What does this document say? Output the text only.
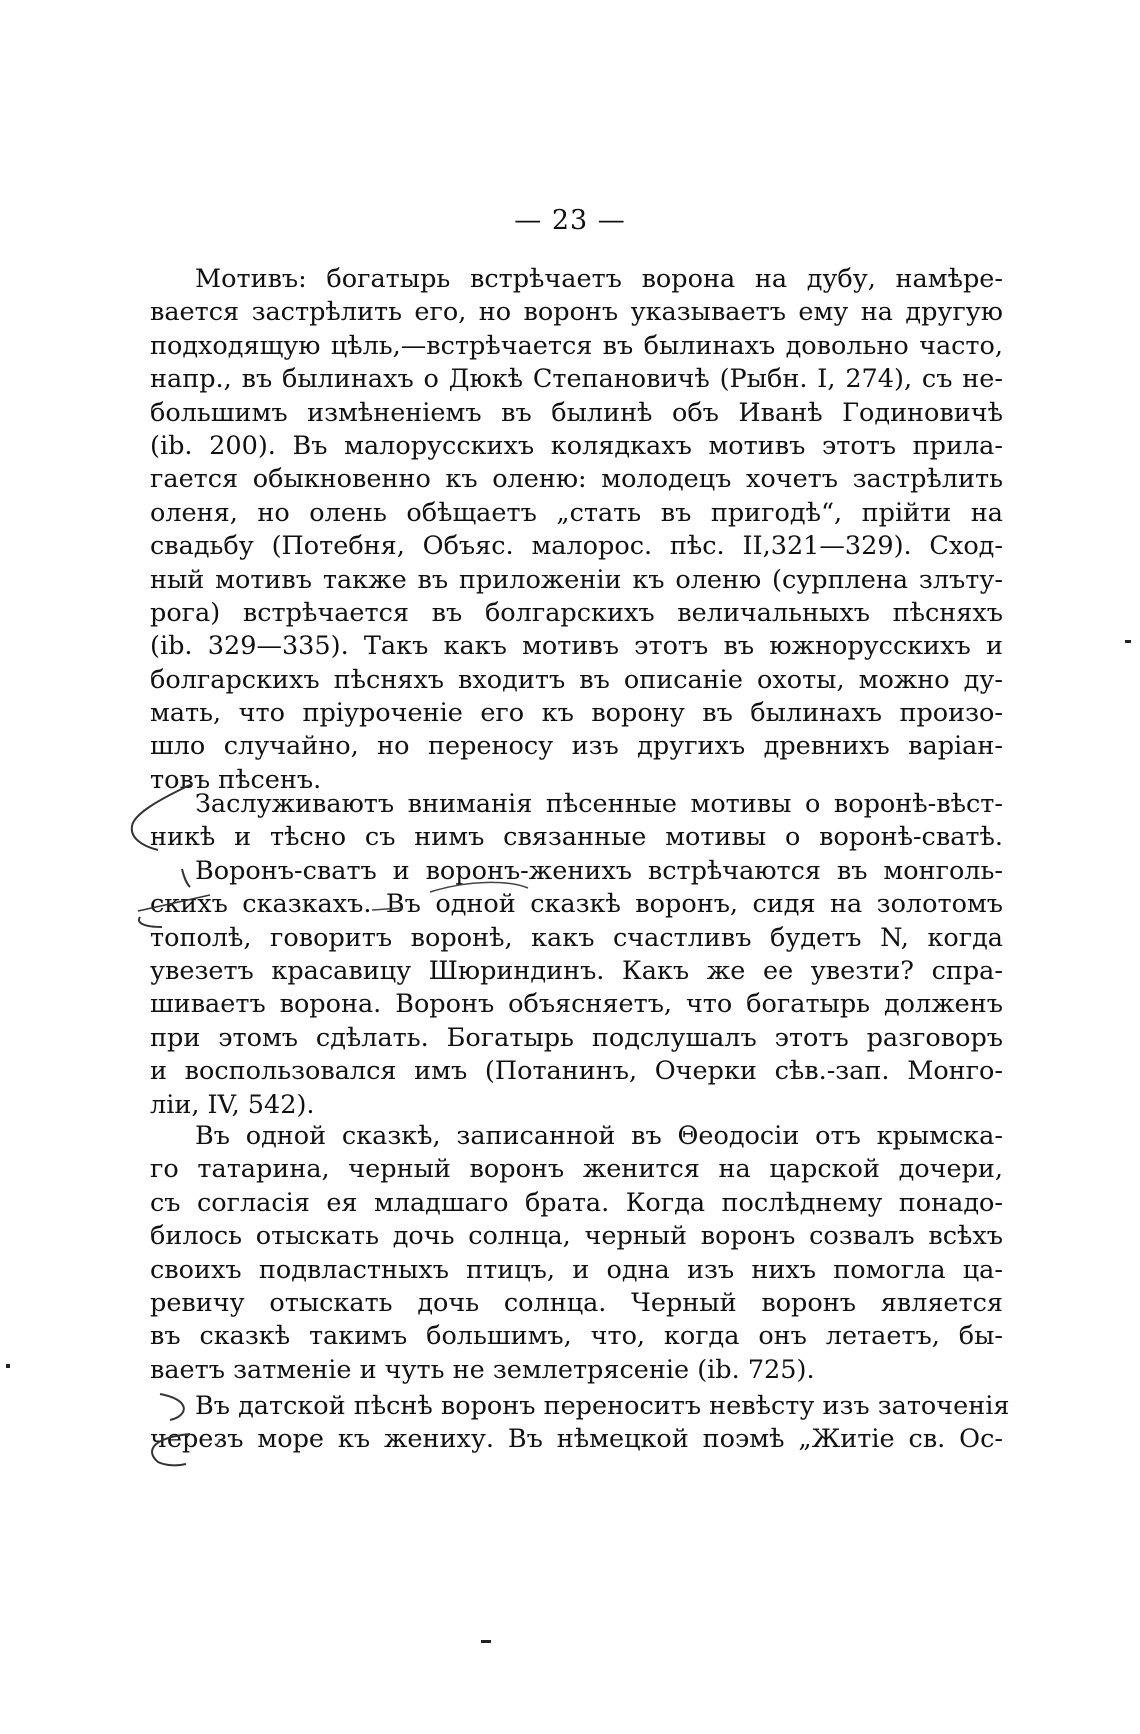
— 23 —
Мотивъ: богатырь встрѣчаетъ ворона на дубу, намѣре-
вается застрѣлить его, но воронъ указываетъ ему на другую
подходящую цѣль,—встрѣчается въ былинахъ довольно часто,
напр., въ былинахъ о Дюкѣ Степановичѣ (Рыбн. I, 274), съ не-
большимъ измѣненіемъ въ былинѣ объ Иванѣ Годиновичѣ
(ib. 200). Въ малорусскихъ колядкахъ мотивъ этотъ прила-
гается обыкновенно къ оленю: молодецъ хочетъ застрѣлить
оленя, но олень обѣщаетъ „стать въ пригодѣ“, прійти на
свадьбу (Потебня, Объяс. малорос. пѣс. II,321—329). Сход-
ный мотивъ также въ приложеніи къ оленю (сурплена злъту-
рога) встрѣчается въ болгарскихъ величальныхъ пѣсняхъ
(ib. 329—335). Такъ какъ мотивъ этотъ въ южнорусскихъ и
болгарскихъ пѣсняхъ входитъ въ описаніе охоты, можно ду-
мать, что пріуроченіе его къ ворону въ былинахъ произо-
шло случайно, но переносу изъ другихъ древнихъ варіан-
товъ пѣсенъ.
Заслуживаютъ вниманія пѣсенные мотивы о воронѣ-вѣст-
никѣ и тѣсно съ нимъ связанные мотивы о воронѣ-сватѣ.
Воронъ-сватъ и воронъ-женихъ встрѣчаются въ монголь-
скихъ сказкахъ. Въ одной сказкѣ воронъ, сидя на золотомъ
тополѣ, говоритъ воронѣ, какъ счастливъ будетъ N, когда
увезетъ красавицу Шюриндинъ. Какъ же ее увезти? спра-
шиваетъ ворона. Воронъ объясняетъ, что богатырь долженъ
при этомъ сдѣлать. Богатырь подслушалъ этотъ разговоръ
и воспользовался имъ (Потанинъ, Очерки сѣв.-зап. Монго-
ліи, IV, 542).
Въ одной сказкѣ, записанной въ Θеодосіи отъ крымска-
го татарина, черный воронъ женится на царской дочери,
съ согласія ея младшаго брата. Когда послѣднему понадо-
билось отыскать дочь солнца, черный воронъ созвалъ всѣхъ
своихъ подвластныхъ птицъ, и одна изъ нихъ помогла ца-
ревичу отыскать дочь солнца. Черный воронъ является
въ сказкѣ такимъ большимъ, что, когда онъ летаетъ, бы-
ваетъ затменіе и чуть не землетрясеніе (ib. 725).
Въ датской пѣснѣ воронъ переноситъ невѣсту изъ заточенія
черезъ море къ жениху. Въ нѣмецкой поэмѣ „Житіе св. Ос-
